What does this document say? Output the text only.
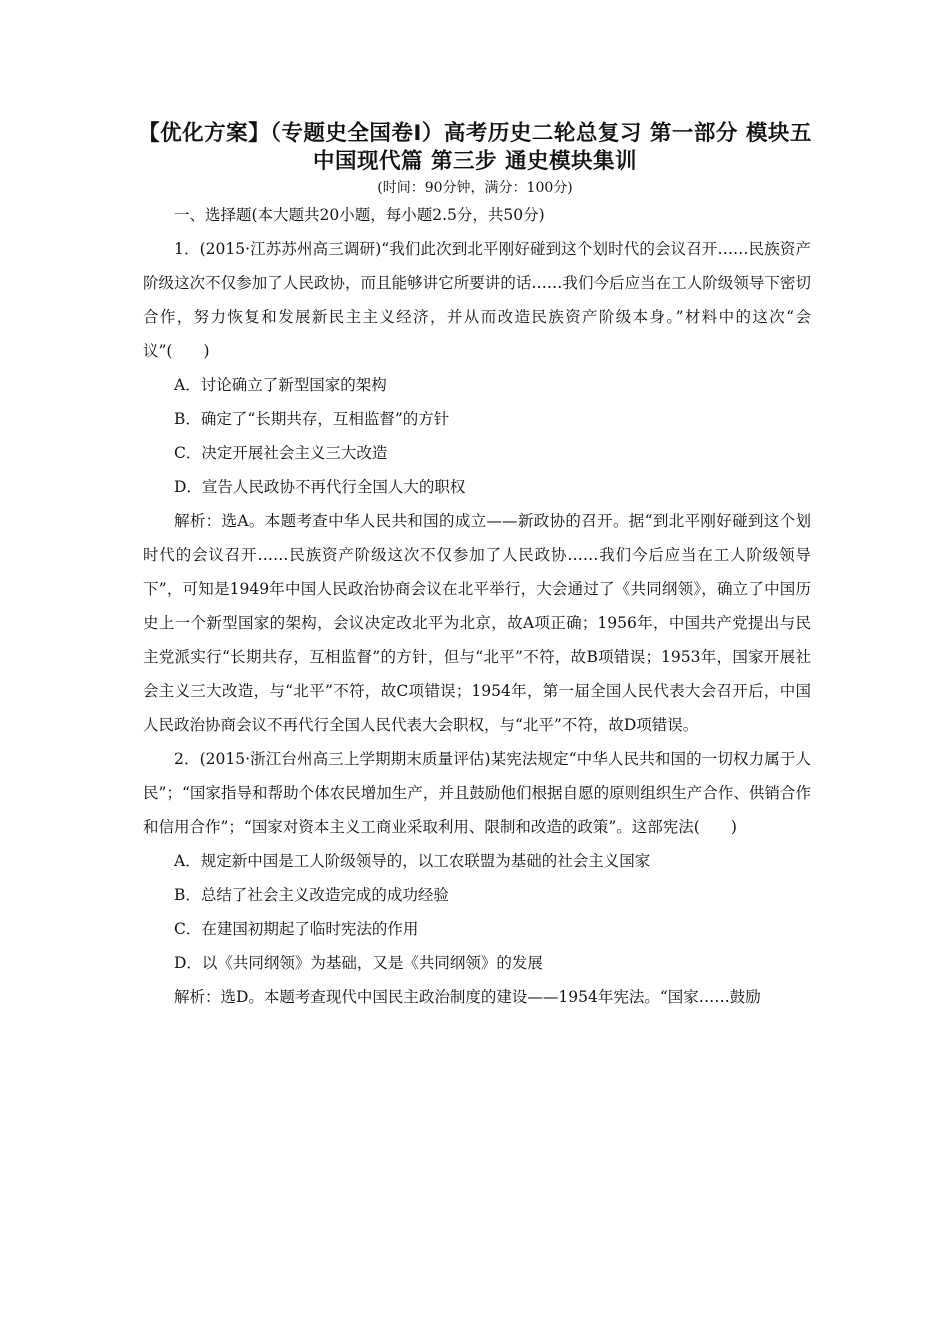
【优化方案】（专题史全国卷Ⅰ）高考历史二轮总复习 第一部分 模块五 中国现代篇 第三步 通史模块集训
(时间：90分钟，满分：100分)

一、选择题(本大题共20小题，每小题2.5分，共50分)

1．(2015·江苏苏州高三调研)“我们此次到北平刚好碰到这个划时代的会议召开……民族资产阶级这次不仅参加了人民政协，而且能够讲它所要讲的话……我们今后应当在工人阶级领导下密切合作，努力恢复和发展新民主主义经济，并从而改造民族资产阶级本身。”材料中的这次“会议”(　　)

A．讨论确立了新型国家的架构

B．确定了“长期共存，互相监督”的方针

C．决定开展社会主义三大改造

D．宣告人民政协不再代行全国人大的职权

解析：选A。本题考查中华人民共和国的成立——新政协的召开。据“到北平刚好碰到这个划时代的会议召开……民族资产阶级这次不仅参加了人民政协……我们今后应当在工人阶级领导下”，可知是1949年中国人民政治协商会议在北平举行，大会通过了《共同纲领》，确立了中国历史上一个新型国家的架构，会议决定改北平为北京，故A项正确；1956年，中国共产党提出与民主党派实行“长期共存，互相监督”的方针，但与“北平”不符，故B项错误；1953年，国家开展社会主义三大改造，与“北平”不符，故C项错误；1954年，第一届全国人民代表大会召开后，中国人民政治协商会议不再代行全国人民代表大会职权，与“北平”不符，故D项错误。

2．(2015·浙江台州高三上学期期末质量评估)某宪法规定“中华人民共和国的一切权力属于人民”；“国家指导和帮助个体农民增加生产，并且鼓励他们根据自愿的原则组织生产合作、供销合作和信用合作”；“国家对资本主义工商业采取利用、限制和改造的政策”。这部宪法(　　)

A．规定新中国是工人阶级领导的，以工农联盟为基础的社会主义国家

B．总结了社会主义改造完成的成功经验

C．在建国初期起了临时宪法的作用

D．以《共同纲领》为基础，又是《共同纲领》的发展

解析：选D。本题考查现代中国民主政治制度的建设——1954年宪法。“国家……鼓励
